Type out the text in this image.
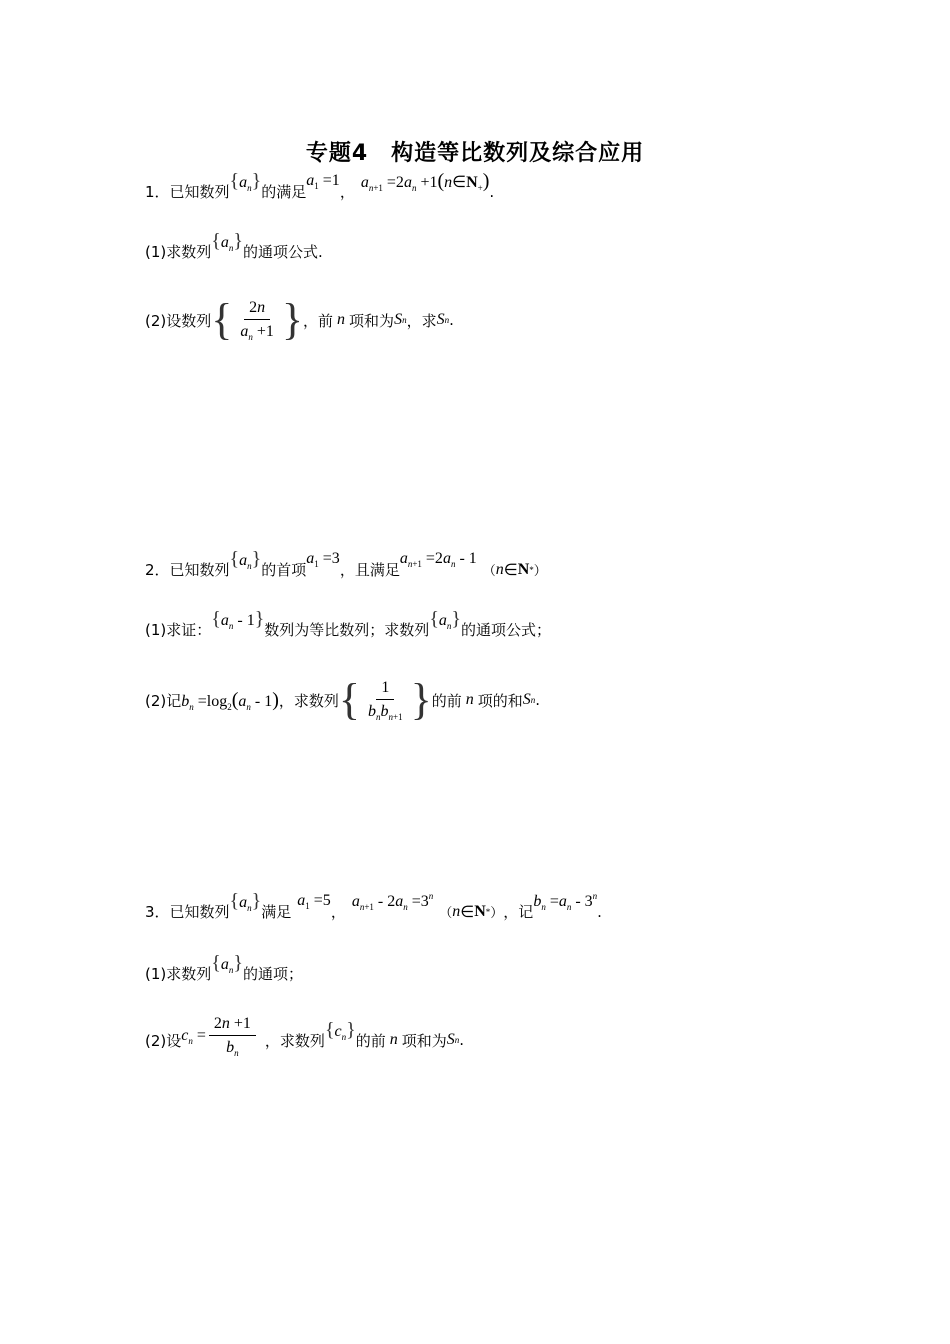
专题4　构造等比数列及综合应用
1．已知数列 $\{a_n\}$ 的满足
$a_1 =1$
，
$a_{n+1} =2a_n$ $+1(n\in N_+)$ .
(1)求数列 $\{a_n\}$ 的通项公式.
(2)设数列 { $\frac{2n}{a_n +1}$ } ，前 n 项和为 S n ，求 S n .
2．已知数列 $\{a_n\}$ 的首项
$a_1 =3$
，且满足
$a_{n+1} =2a_n - 1$
（ n ∈ N * ）
(1)求证： $\{a_n - 1\}$ 数列为等比数列；求数列 $\{a_n\}$ 的通项公式；
(2)记 $b_n =\log_2(a_n - 1)$ ，求数列 { $\frac{1}{b_nb_{n+1}}$ } 的前 n 项的和 S n .
3．已知数列 $\{a_n\}$ 满足
$a_1 =5$
，
$a_{n+1} - 2a_n =3^n$
（ n ∈ N * ） ，记
$b_n =a_n - 3^n$
.
(1)求数列 $\{a_n\}$ 的通项；
(2)设 $c_n = \frac{2n +1}{b_n}$ ，求数列 $\{c_n\}$ 的前 n 项和为 S n .
